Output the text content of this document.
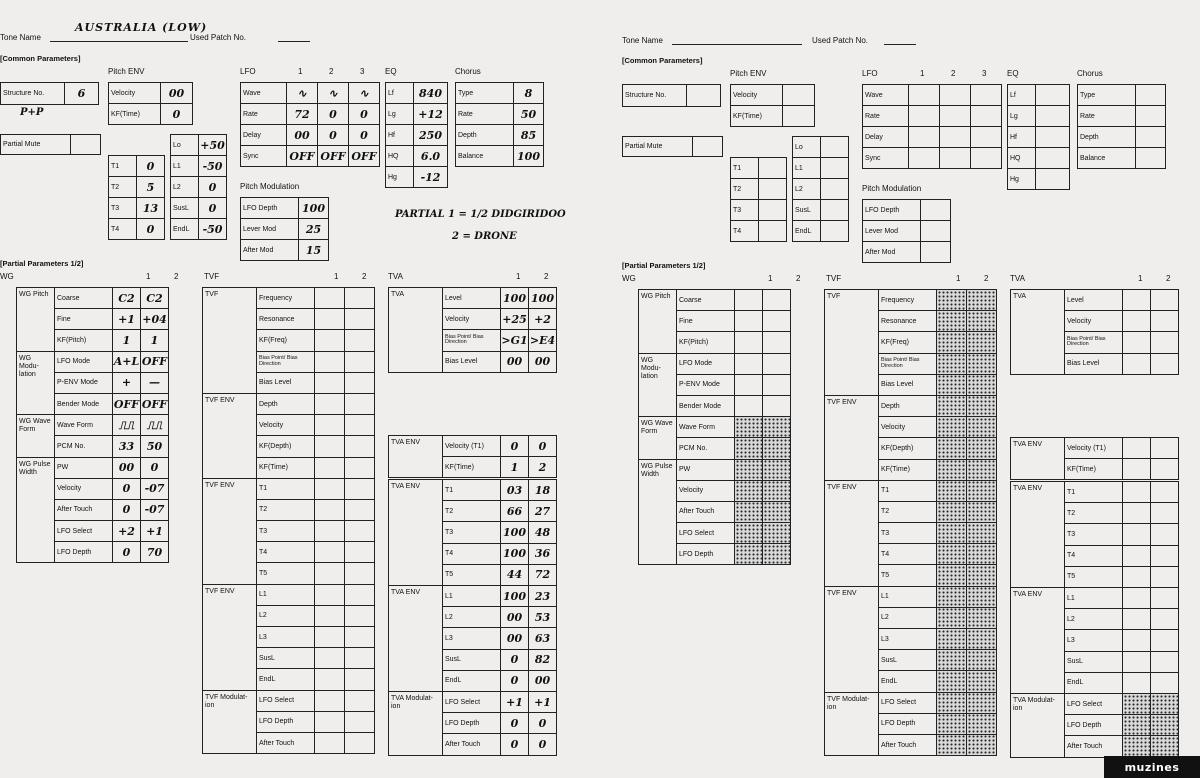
Tone Name
AUSTRALIA (LOW)
Used Patch No.
[Common Parameters]
Structure No.	6
P+P
Partial Mute	
Pitch ENV
Velocity	00
KF(Time)	0
T1	0
T2	5
T3	13
T4	0
Lo	+50
L1	-50
L2	0
SusL	0
EndL	-50
LFO	1	2	3
Wave	∿	∿	∿
Rate	72	0	0
Delay	00	0	0
Sync	OFF	OFF	OFF
EQ
Lf	840
Lg	+12
Hf	250
HQ	6.0
Hg	-12
Chorus
Type	8
Rate	50
Depth	85
Balance	100
Pitch Modulation
LFO Depth	100
Lever Mod	25
After Mod	15
PARTIAL 1 = 1/2 DIDGIRIDOO
2 = DRONE
[Partial Parameters 1/2]
WG	1	2	TVF	1	2	TVA	1	2
WG Pitch	Coarse	C2	C2
	Fine	+1	+04
	KF(Pitch)	1	1
WG Modu-lation	LFO Mode	A+L	OFF
	P-ENV Mode	+	—
	Bender Mode	OFF	OFF
WG Wave Form	Wave Form	⎍⎍	⎍⎍
	PCM No.	33	50
WG Pulse Width	PW	00	0
	Velocity	0	-07
	After Touch	0	-07
	LFO Select	+2	+1
	LFO Depth	0	70
TVF	Frequency		
	Resonance		
	KF(Freq)		
	Bias Point/ Bias Direction		
	Bias Level		
TVF ENV	Depth		
	Velocity		
	KF(Depth)		
	KF(Time)		
TVF ENV	T1		
	T2		
	T3		
	T4		
	T5		
TVF ENV	L1		
	L2		
	L3		
	SusL		
	EndL		
TVF Modulat-ion	LFO Select		
	LFO Depth		
	After Touch		
TVA	Level	100	100
	Velocity	+25	+2
	Bias Point/ Bias Direction	>G1	>E4
	Bias Level	00	00
TVA ENV	Velocity (T1)	0	0
	KF(Time)	1	2
TVA ENV	T1	03	18
	T2	66	27
	T3	100	48
	T4	100	36
	T5	44	72
TVA ENV	L1	100	23
	L2	00	53
	L3	00	63
	SusL	0	82
	EndL	0	00
TVA Modulat-ion	LFO Select	+1	+1
	LFO Depth	0	0
	After Touch	0	0
Tone Name	Used Patch No.
[Common Parameters]
Structure No.	
Partial Mute	
Pitch ENV
Velocity	
KF(Time)	
T1	
T2	
T3	
T4	
Lo	
L1	
L2	
SusL	
EndL	
LFO	1	2	3
Wave			
Rate			
Delay			
Sync			
EQ
Lf	
Lg	
Hf	
HQ	
Hg	
Chorus
Type	
Rate	
Depth	
Balance	
Pitch Modulation
LFO Depth	
Lever Mod	
After Mod	
[Partial Parameters 1/2]
WG	1	2	TVF	1	2	TVA	1	2
WG Pitch	Coarse		
	Fine		
	KF(Pitch)		
WG Modu-lation	LFO Mode		
	P-ENV Mode		
	Bender Mode		
WG Wave Form	Wave Form		
	PCM No.		
WG Pulse Width	PW		
	Velocity		
	After Touch		
	LFO Select		
	LFO Depth		
TVF	Frequency		
	Resonance		
	KF(Freq)		
	Bias Point/ Bias Direction		
	Bias Level		
TVF ENV	Depth		
	Velocity		
	KF(Depth)		
	KF(Time)		
TVF ENV	T1		
	T2		
	T3		
	T4		
	T5		
TVF ENV	L1		
	L2		
	L3		
	SusL		
	EndL		
TVF Modulat-ion	LFO Select		
	LFO Depth		
	After Touch		
TVA	Level		
	Velocity		
	Bias Point/ Bias Direction		
	Bias Level		
TVA ENV	Velocity (T1)		
	KF(Time)		
TVA ENV	T1		
	T2		
	T3		
	T4		
	T5		
TVA ENV	L1		
	L2		
	L3		
	SusL		
	EndL		
TVA Modulat-ion	LFO Select		
	LFO Depth		
	After Touch		
muzines
